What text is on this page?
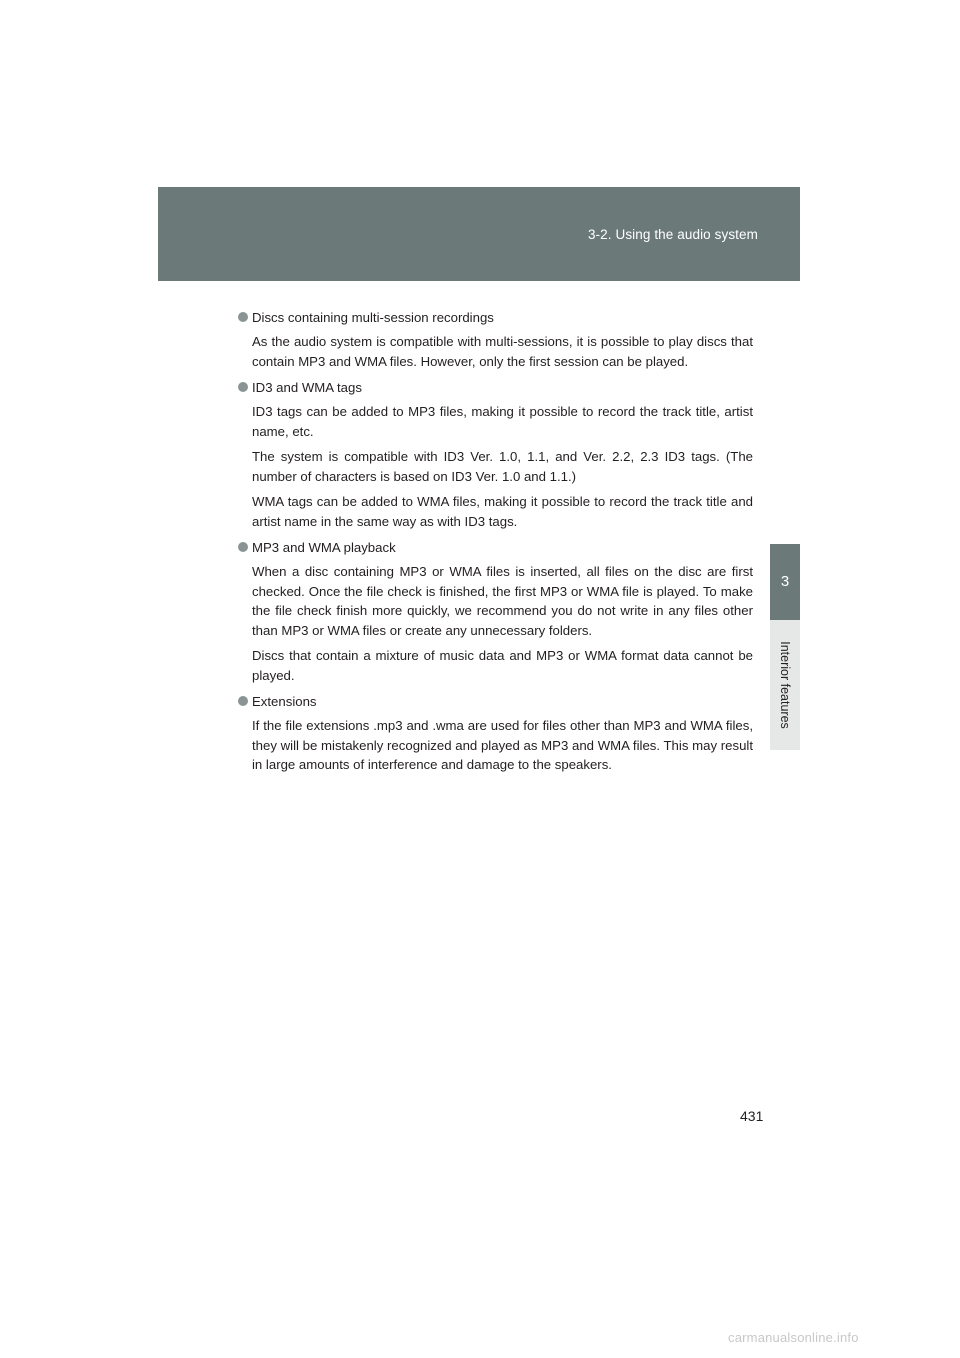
3-2. Using the audio system
3
Interior features
Discs containing multi-session recordings

As the audio system is compatible with multi-sessions, it is possible to play discs that contain MP3 and WMA files. However, only the first session can be played.

ID3 and WMA tags

ID3 tags can be added to MP3 files, making it possible to record the track title, artist name, etc.

The system is compatible with ID3 Ver. 1.0, 1.1, and Ver. 2.2, 2.3 ID3 tags. (The number of characters is based on ID3 Ver. 1.0 and 1.1.)

WMA tags can be added to WMA files, making it possible to record the track title and artist name in the same way as with ID3 tags.

MP3 and WMA playback

When a disc containing MP3 or WMA files is inserted, all files on the disc are first checked. Once the file check is finished, the first MP3 or WMA file is played. To make the file check finish more quickly, we recommend you do not write in any files other than MP3 or WMA files or create any unnecessary folders.

Discs that contain a mixture of music data and MP3 or WMA format data cannot be played.

Extensions

If the file extensions .mp3 and .wma are used for files other than MP3 and WMA files, they will be mistakenly recognized and played as MP3 and WMA files. This may result in large amounts of interference and damage to the speakers.

431
carmanualsonline.info
